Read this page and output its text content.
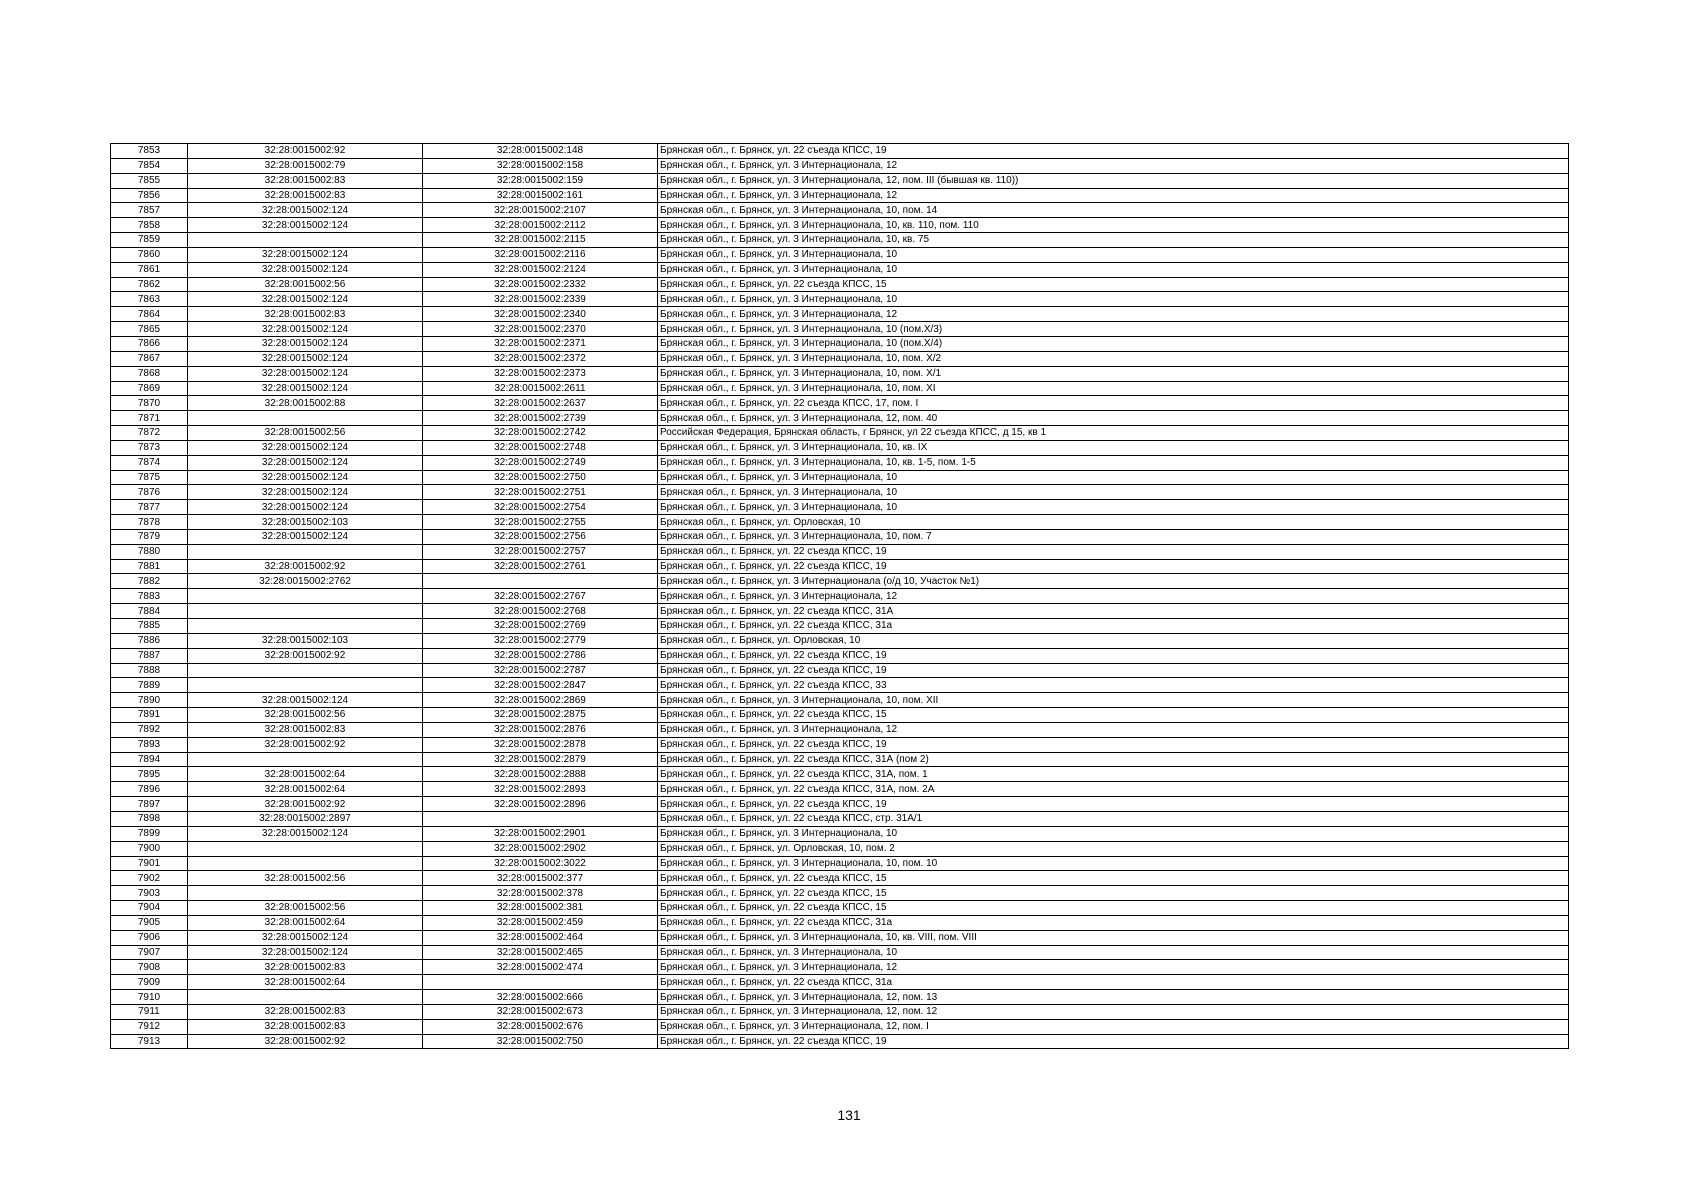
7853	32:28:0015002:92	32:28:0015002:148	Брянская обл., г. Брянск, ул. 22 съезда КПСС, 19
7854	32:28:0015002:79	32:28:0015002:158	Брянская обл., г. Брянск, ул. 3 Интернационала, 12
7855	32:28:0015002:83	32:28:0015002:159	Брянская обл., г. Брянск, ул. 3 Интернационала, 12, пом. III (бывшая кв. 110))
7856	32:28:0015002:83	32:28:0015002:161	Брянская обл., г. Брянск, ул. 3 Интернационала, 12
7857	32:28:0015002:124	32:28:0015002:2107	Брянская обл., г. Брянск, ул. 3 Интернационала, 10, пом. 14
7858	32:28:0015002:124	32:28:0015002:2112	Брянская обл., г. Брянск, ул. 3 Интернационала, 10, кв. 110, пом. 110
7859		32:28:0015002:2115	Брянская обл., г. Брянск, ул. 3 Интернационала, 10, кв. 75
7860	32:28:0015002:124	32:28:0015002:2116	Брянская обл., г. Брянск, ул. 3 Интернационала, 10
7861	32:28:0015002:124	32:28:0015002:2124	Брянская обл., г. Брянск, ул. 3 Интернационала, 10
7862	32:28:0015002:56	32:28:0015002:2332	Брянская обл., г. Брянск, ул. 22 съезда КПСС, 15
7863	32:28:0015002:124	32:28:0015002:2339	Брянская обл., г. Брянск, ул. 3 Интернационала, 10
7864	32:28:0015002:83	32:28:0015002:2340	Брянская обл., г. Брянск, ул. 3 Интернационала, 12
7865	32:28:0015002:124	32:28:0015002:2370	Брянская обл., г. Брянск, ул. 3 Интернационала, 10 (пом.Х/3)
7866	32:28:0015002:124	32:28:0015002:2371	Брянская обл., г. Брянск, ул. 3 Интернационала, 10 (пом.Х/4)
7867	32:28:0015002:124	32:28:0015002:2372	Брянская обл., г. Брянск, ул. 3 Интернационала, 10, пом. Х/2
7868	32:28:0015002:124	32:28:0015002:2373	Брянская обл., г. Брянск, ул. 3 Интернационала, 10, пом. Х/1
7869	32:28:0015002:124	32:28:0015002:2611	Брянская обл., г. Брянск, ул. 3 Интернационала, 10, пом. XI
7870	32:28:0015002:88	32:28:0015002:2637	Брянская обл., г. Брянск, ул. 22 съезда КПСС, 17, пом. I
7871		32:28:0015002:2739	Брянская обл., г. Брянск, ул. 3 Интернационала, 12, пом. 40
7872	32:28:0015002:56	32:28:0015002:2742	Российская Федерация, Брянская область, г Брянск, ул 22 съезда КПСС, д 15, кв 1
7873	32:28:0015002:124	32:28:0015002:2748	Брянская обл., г. Брянск, ул. 3 Интернационала, 10, кв. IX
7874	32:28:0015002:124	32:28:0015002:2749	Брянская обл., г. Брянск, ул. 3 Интернационала, 10, кв. 1-5, пом. 1-5
7875	32:28:0015002:124	32:28:0015002:2750	Брянская обл., г. Брянск, ул. 3 Интернационала, 10
7876	32:28:0015002:124	32:28:0015002:2751	Брянская обл., г. Брянск, ул. 3 Интернационала, 10
7877	32:28:0015002:124	32:28:0015002:2754	Брянская обл., г. Брянск, ул. 3 Интернационала, 10
7878	32:28:0015002:103	32:28:0015002:2755	Брянская обл., г. Брянск, ул. Орловская, 10
7879	32:28:0015002:124	32:28:0015002:2756	Брянская обл., г. Брянск, ул. 3 Интернационала, 10, пом. 7
7880		32:28:0015002:2757	Брянская обл., г. Брянск, ул. 22 съезда КПСС, 19
7881	32:28:0015002:92	32:28:0015002:2761	Брянская обл., г. Брянск, ул. 22 съезда КПСС, 19
7882	32:28:0015002:2762		Брянская обл., г. Брянск, ул. 3 Интернационала (о/д 10, Участок №1)
7883		32:28:0015002:2767	Брянская обл., г. Брянск, ул. 3 Интернационала, 12
7884		32:28:0015002:2768	Брянская обл., г. Брянск, ул. 22 съезда КПСС, 31А
7885		32:28:0015002:2769	Брянская обл., г. Брянск, ул. 22 съезда КПСС, 31а
7886	32:28:0015002:103	32:28:0015002:2779	Брянская обл., г. Брянск, ул. Орловская, 10
7887	32:28:0015002:92	32:28:0015002:2786	Брянская обл., г. Брянск, ул. 22 съезда КПСС, 19
7888		32:28:0015002:2787	Брянская обл., г. Брянск, ул. 22 съезда КПСС, 19
7889		32:28:0015002:2847	Брянская обл., г. Брянск, ул. 22 съезда КПСС, 33
7890	32:28:0015002:124	32:28:0015002:2869	Брянская обл., г. Брянск, ул. 3 Интернационала, 10, пом. XII
7891	32:28:0015002:56	32:28:0015002:2875	Брянская обл., г. Брянск, ул. 22 съезда КПСС, 15
7892	32:28:0015002:83	32:28:0015002:2876	Брянская обл., г. Брянск, ул. 3 Интернационала, 12
7893	32:28:0015002:92	32:28:0015002:2878	Брянская обл., г. Брянск, ул. 22 съезда КПСС, 19
7894		32:28:0015002:2879	Брянская обл., г. Брянск, ул. 22 съезда КПСС, 31А (пом 2)
7895	32:28:0015002:64	32:28:0015002:2888	Брянская обл., г. Брянск, ул. 22 съезда КПСС, 31А, пом. 1
7896	32:28:0015002:64	32:28:0015002:2893	Брянская обл., г. Брянск, ул. 22 съезда КПСС, 31А, пом. 2А
7897	32:28:0015002:92	32:28:0015002:2896	Брянская обл., г. Брянск, ул. 22 съезда КПСС, 19
7898	32:28:0015002:2897		Брянская обл., г. Брянск, ул. 22 съезда КПСС, стр. 31А/1
7899	32:28:0015002:124	32:28:0015002:2901	Брянская обл., г. Брянск, ул. 3 Интернационала, 10
7900		32:28:0015002:2902	Брянская обл., г. Брянск, ул. Орловская, 10, пом. 2
7901		32:28:0015002:3022	Брянская обл., г. Брянск, ул. 3 Интернационала, 10, пом. 10
7902	32:28:0015002:56	32:28:0015002:377	Брянская обл., г. Брянск, ул. 22 съезда КПСС, 15
7903		32:28:0015002:378	Брянская обл., г. Брянск, ул. 22 съезда КПСС, 15
7904	32:28:0015002:56	32:28:0015002:381	Брянская обл., г. Брянск, ул. 22 съезда КПСС, 15
7905	32:28:0015002:64	32:28:0015002:459	Брянская обл., г. Брянск, ул. 22 съезда КПСС, 31а
7906	32:28:0015002:124	32:28:0015002:464	Брянская обл., г. Брянск, ул. 3 Интернационала, 10, кв. VIII, пом. VIII
7907	32:28:0015002:124	32:28:0015002:465	Брянская обл., г. Брянск, ул. 3 Интернационала, 10
7908	32:28:0015002:83	32:28:0015002:474	Брянская обл., г. Брянск, ул. 3 Интернационала, 12
7909	32:28:0015002:64		Брянская обл., г. Брянск, ул. 22 съезда КПСС, 31а
7910		32:28:0015002:666	Брянская обл., г. Брянск, ул. 3 Интернационала, 12, пом. 13
7911	32:28:0015002:83	32:28:0015002:673	Брянская обл., г. Брянск, ул. 3 Интернационала, 12, пом. 12
7912	32:28:0015002:83	32:28:0015002:676	Брянская обл., г. Брянск, ул. 3 Интернационала, 12, пом. I
7913	32:28:0015002:92	32:28:0015002:750	Брянская обл., г. Брянск, ул. 22 съезда КПСС, 19
131
